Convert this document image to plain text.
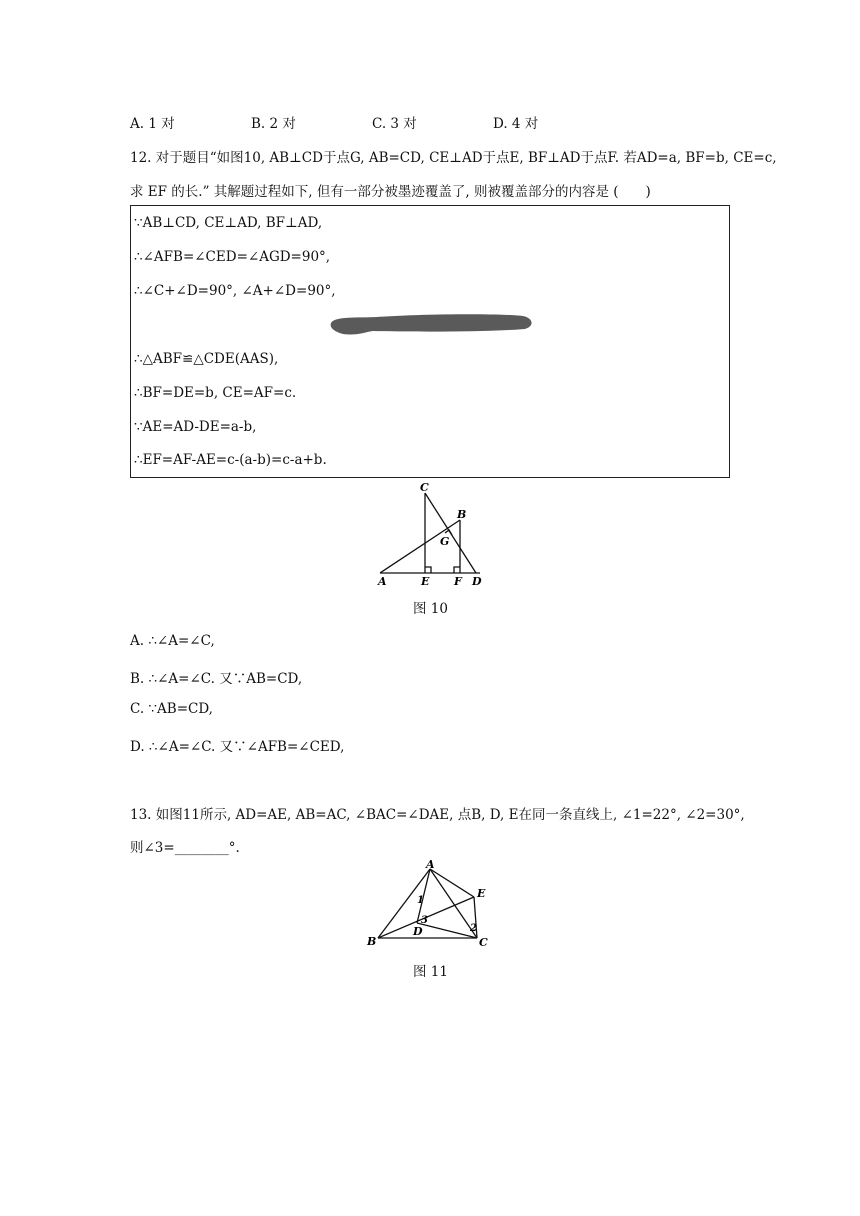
A. 1 对	B. 2 对	C. 3 对	D. 4 对
12. 对于题目“如图10, AB⊥CD于点G, AB=CD, CE⊥AD于点E, BF⊥AD于点F. 若AD=a, BF=b, CE=c,
求 EF 的长.” 其解题过程如下, 但有一部分被墨迹覆盖了, 则被覆盖部分的内容是 (　　)
∵AB⊥CD, CE⊥AD, BF⊥AD,
∴∠AFB=∠CED=∠AGD=90°,
∴∠C+∠D=90°, ∠A+∠D=90°,
∴△ABF≌△CDE(AAS),
∴BF=DE=b, CE=AF=c.
∵AE=AD-DE=a-b,
∴EF=AF-AE=c-(a-b)=c-a+b.
C
B
G
A	E F D
图 10
A. ∴∠A=∠C,
B. ∴∠A=∠C. 又∵AB=CD,
C. ∵AB=CD,
D. ∴∠A=∠C. 又∵∠AFB=∠CED,
13. 如图11所示, AD=AE, AB=AC, ∠BAC=∠DAE, 点B, D, E在同一条直线上, ∠1=22°, ∠2=30°,
则∠3=________°.
A
E
B
D
C
1
2
3
图 11
